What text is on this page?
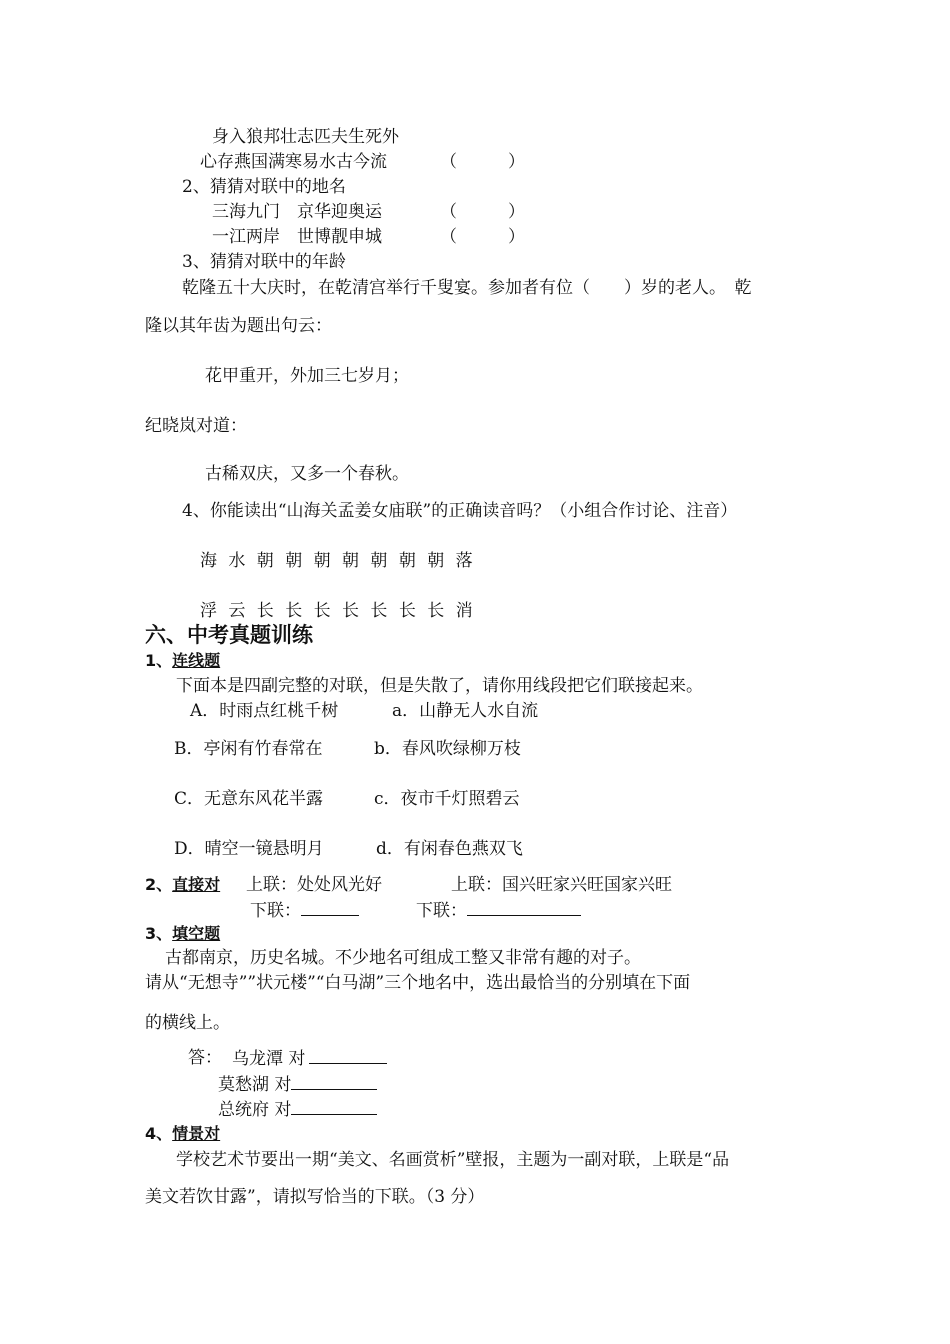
身入狼邦壮志匹夫生死外
心存燕国满寒易水古今流	（　　　）
2、猜猜对联中的地名
三海九门　京华迎奥运	（　　　）
一江两岸　世博靓申城	（　　　）
3、猜猜对联中的年龄
乾隆五十大庆时，在乾清宫举行千叟宴。参加者有位（　　）岁的老人。　乾
隆以其年齿为题出句云：
花甲重开，外加三七岁月；
纪晓岚对道：
古稀双庆，又多一个春秋。
4、你能读出“山海关孟姜女庙联”的正确读音吗？（小组合作讨论、注音）
海 水 朝 朝 朝 朝 朝 朝 朝 落
浮 云 长 长 长 长 长 长 长 消
六、中考真题训练
1、连线题
下面本是四副完整的对联，但是失散了，请你用线段把它们联接起来。
A．时雨点红桃千树	a．山静无人水自流
B．亭闲有竹春常在	b．春风吹绿柳万枝
C．无意东风花半露	c．夜市千灯照碧云
D．晴空一镜悬明月	d．有闲春色燕双飞
2、直接对 上联：处处风光好	上联：国兴旺家兴旺国家兴旺
下联：	下联：
3、填空题
古都南京，历史名城。不少地名可组成工整又非常有趣的对子。
请从“无想寺””状元楼”“白马湖”三个地名中，选出最恰当的分别填在下面
的横线上。
答： 乌龙潭 对
莫愁湖 对
总统府 对
4、情景对
学校艺术节要出一期“美文、名画赏析”壁报，主题为一副对联，上联是“品
美文若饮甘露”，请拟写恰当的下联。（3 分）
